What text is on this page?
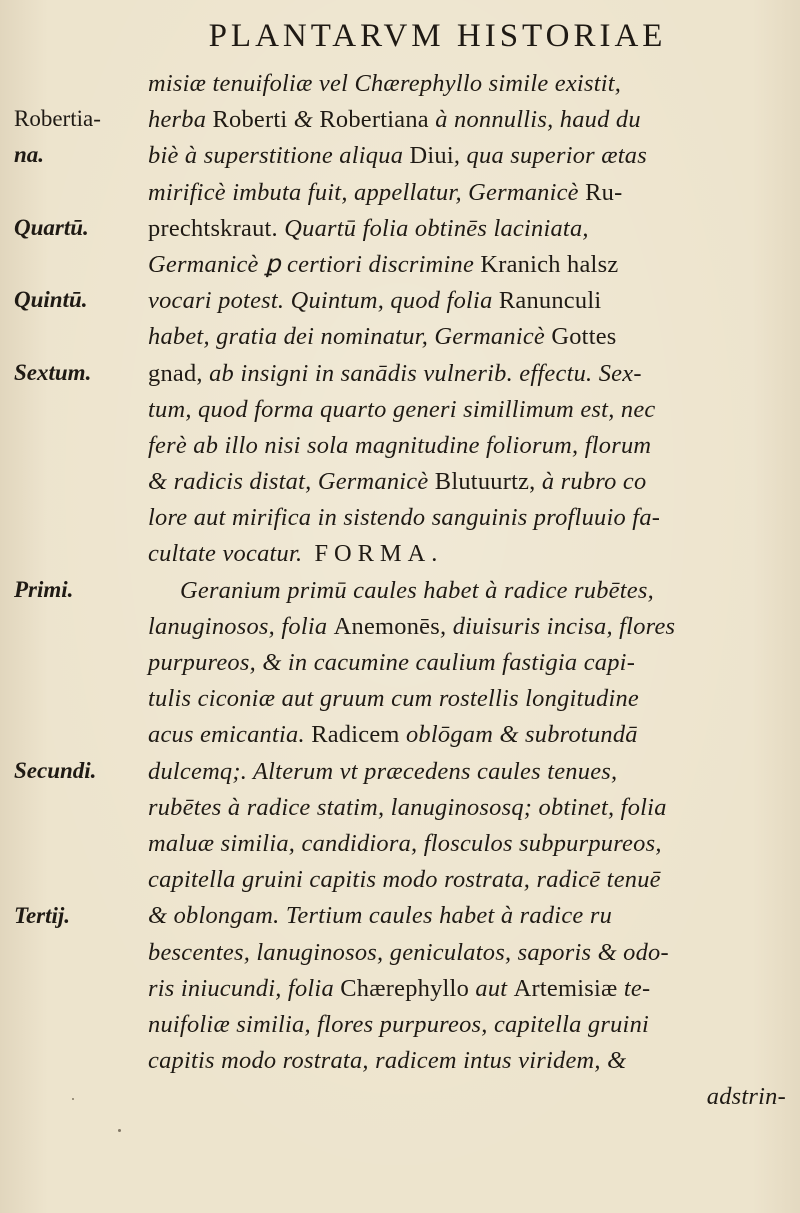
PLANTARVM HISTORIAE
misiæ tenuifoliæ vel Chærephyllo simile existit,
herba Roberti & Robertiana à nonnullis, haud du
biè à superstitione aliqua Diui, qua superior ætas
mirificè imbuta fuit, appellatur, Germanicè Ru-
prechtskraut. Quartū folia obtinēs laciniata,
Germanicè ꝑ certiori discrimine Kranich halsz
vocari potest. Quintum, quod folia Ranunculi
habet, gratia dei nominatur, Germanicè Gottes
gnad, ab insigni in sanādis vulnerib. effectu. Sex-
tum, quod forma quarto generi simillimum est, nec
ferè ab illo nisi sola magnitudine foliorum, florum
& radicis distat, Germanicè Blutuurtz, à rubro co
lore aut mirifica in sistendo sanguinis profluuio fa-
cultate vocatur. FORMA.
Geranium primū caules habet à radice rubētes,
lanuginosos, folia Anemonēs, diuisuris incisa, flores
purpureos, & in cacumine caulium fastigia capi-
tulis ciconiæ aut gruum cum rostellis longitudine
acus emicantia. Radicem oblōgam & subrotundā
dulcemq;. Alterum vt præcedens caules tenues,
rubētes à radice statim, lanuginososq; obtinet, folia
maluæ similia, candidiora, flosculos subpurpureos,
capitella gruini capitis modo rostrata, radicē tenuē
& oblongam. Tertium caules habet à radice ru
bescentes, lanuginosos, geniculatos, saporis & odo-
ris iniucundi, folia Chærephyllo aut Artemisiæ te-
nuifoliæ similia, flores purpureos, capitella gruini
capitis modo rostrata, radicem intus viridem, &
adstrin-
Robertia-
na.
Quartū.
Quintū.
Sextum.
Primi.
Secundi.
Tertij.
